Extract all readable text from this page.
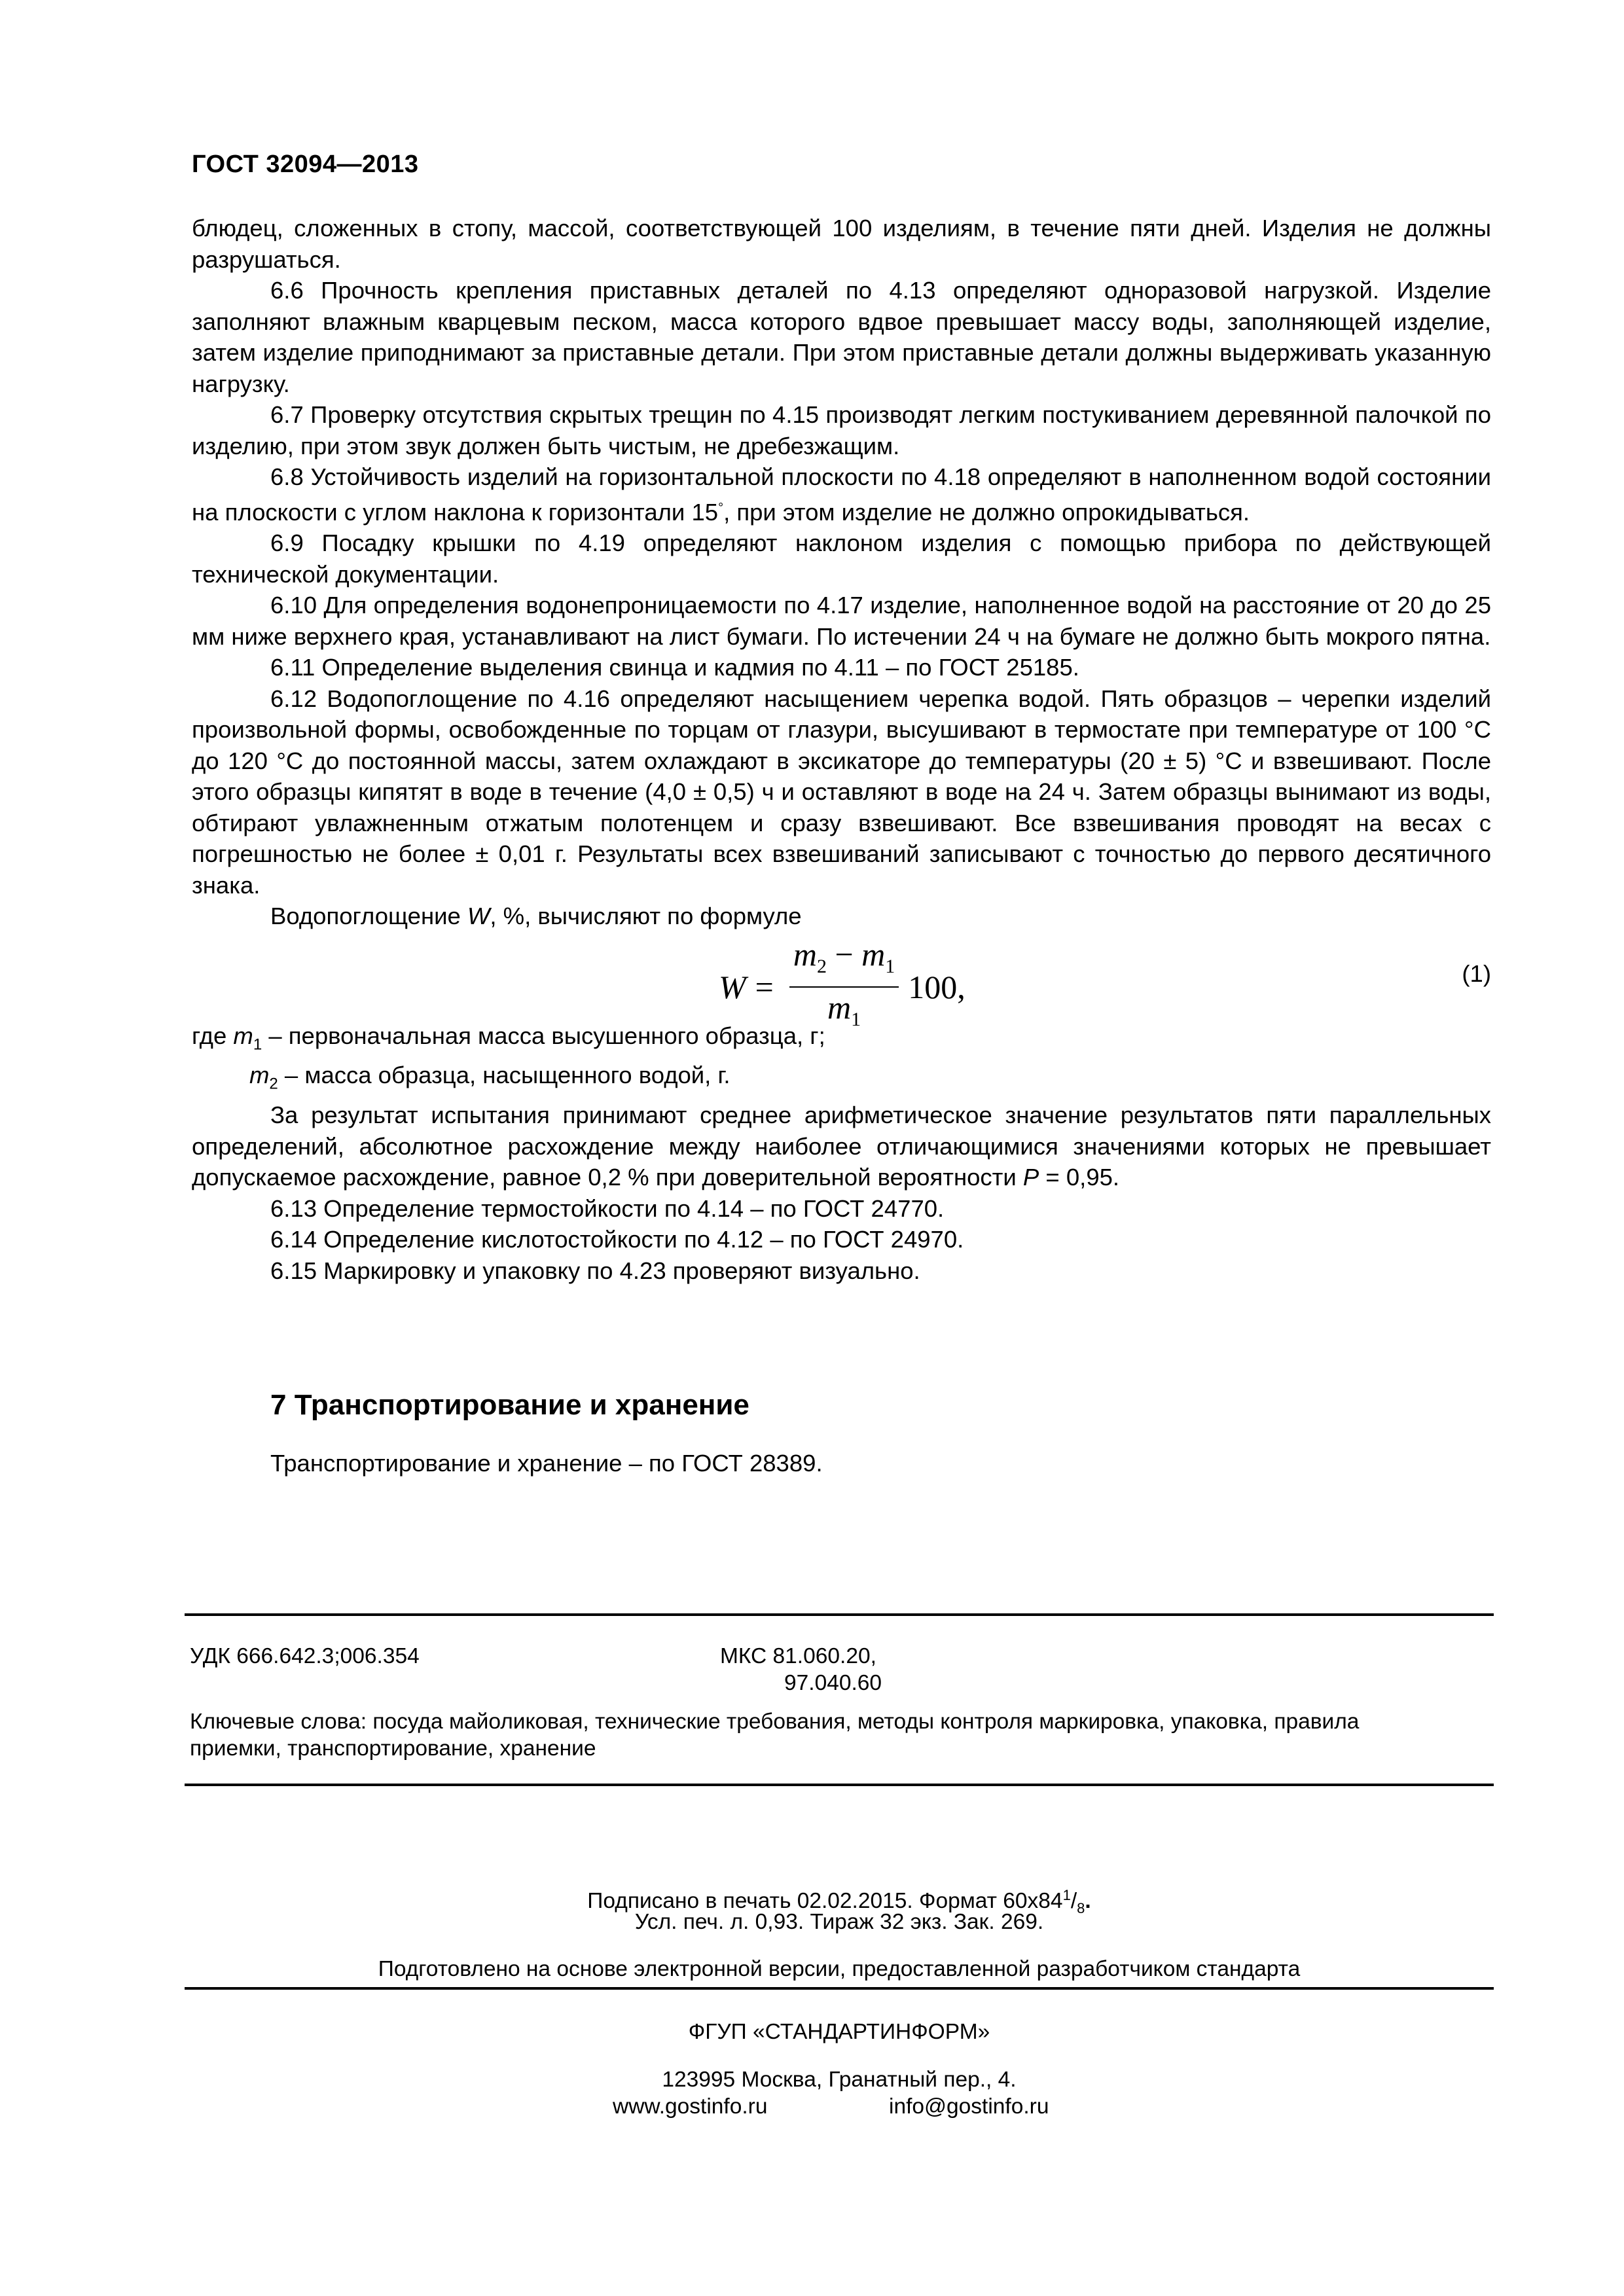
ГОСТ 32094—2013

блюдец, сложенных в стопу, массой, соответствующей 100 изделиям, в течение пяти дней. Изделия не должны разрушаться.

6.6 Прочность крепления приставных деталей по 4.13 определяют одноразовой нагрузкой. Изделие заполняют влажным кварцевым песком, масса которого вдвое превышает массу воды, заполняющей изделие, затем изделие приподнимают за приставные детали. При этом приставные детали должны выдерживать указанную нагрузку.

6.7 Проверку отсутствия скрытых трещин по 4.15 производят легким постукиванием деревянной палочкой по изделию, при этом звук должен быть чистым, не дребезжащим.

6.8 Устойчивость изделий на горизонтальной плоскости по 4.18 определяют в наполненном водой состоянии на плоскости с углом наклона к горизонтали 15°, при этом изделие не должно опрокидываться.

6.9 Посадку крышки по 4.19 определяют наклоном изделия с помощью прибора по действующей технической документации.

6.10 Для определения водонепроницаемости по 4.17 изделие, наполненное водой на расстояние от 20 до 25 мм ниже верхнего края, устанавливают на лист бумаги. По истечении 24 ч на бумаге не должно быть мокрого пятна.

6.11 Определение выделения свинца и кадмия по 4.11 – по ГОСТ 25185.

6.12 Водопоглощение по 4.16 определяют насыщением черепка водой. Пять образцов – черепки изделий произвольной формы, освобожденные по торцам от глазури, высушивают в термостате при температуре от 100 °С до 120 °С до постоянной массы, затем охлаждают в эксикаторе до температуры (20 ± 5) °С и взвешивают. После этого образцы кипятят в воде в течение (4,0 ± 0,5) ч и оставляют в воде на 24 ч. Затем образцы вынимают из воды, обтирают увлажненным отжатым полотенцем и сразу взвешивают. Все взвешивания проводят на весах с погрешностью не более ± 0,01 г. Результаты всех взвешиваний записывают с точностью до первого десятичного знака.

Водопоглощение W, %, вычисляют по формуле

$W = \frac{m_2 - m_1}{m_1} 100$,	(1)

где $m_1$ – первоначальная масса высушенного образца, г;

$m_2$ – масса образца, насыщенного водой, г.

За результат испытания принимают среднее арифметическое значение результатов пяти параллельных определений, абсолютное расхождение между наиболее отличающимися значениями которых не превышает допускаемое расхождение, равное 0,2 % при доверительной вероятности P = 0,95.

6.13 Определение термостойкости по 4.14 – по ГОСТ 24770.

6.14 Определение кислотостойкости по 4.12 – по ГОСТ 24970.

6.15 Маркировку и упаковку по 4.23 проверяют визуально.

7 Транспортирование и хранение
Транспортирование и хранение – по ГОСТ 28389.
УДК 666.642.3;006.354	МКС 81.060.20,
97.040.60
Ключевые слова: посуда майоликовая, технические требования, методы контроля маркировка, упаковка, правила
приемки, транспортирование, хранение
Подписано в печать 02.02.2015. Формат $60х84^1/_8$.
Усл. печ. л. 0,93. Тираж 32 экз. Зак. 269.
Подготовлено на основе электронной версии, предоставленной разработчиком стандарта
ФГУП «СТАНДАРТИНФОРМ»
123995 Москва, Гранатный пер., 4.
www.gostinfo.ru	info@gostinfo.ru
